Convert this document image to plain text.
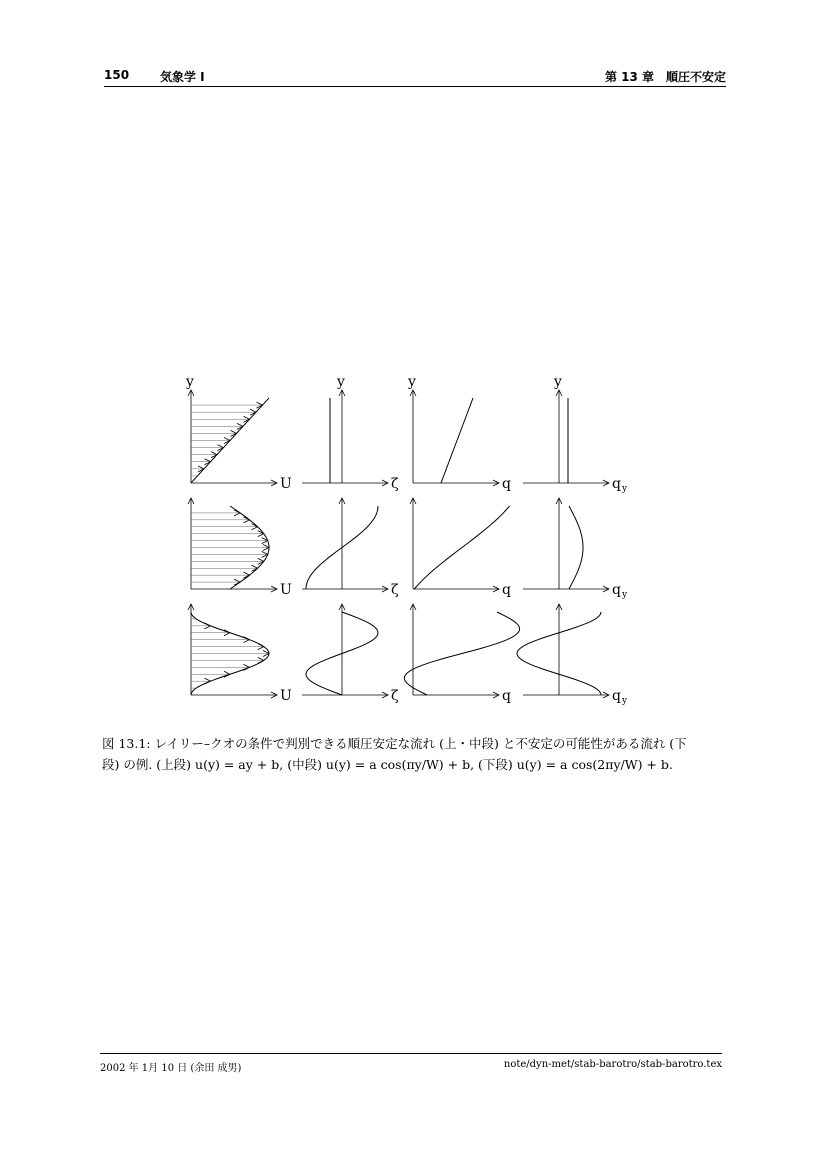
150	気象学 I	第 13 章　順圧不安定
U
y
ζ
y
q
y
q y
y
U	ζ	q	q y
U	ζ	q	q y
図 13.1: レイリー–クオの条件で判別できる順圧安定な流れ (上・中段) と不安定の可能性がある流れ (下
段) の例. (上段) u(y) = ay + b, (中段) u(y) = a cos(πy/W) + b, (下段) u(y) = a cos(2πy/W) + b.
2002 年 1月 10 日 (余田 成男)	note/dyn-met/stab-barotro/stab-barotro.tex
